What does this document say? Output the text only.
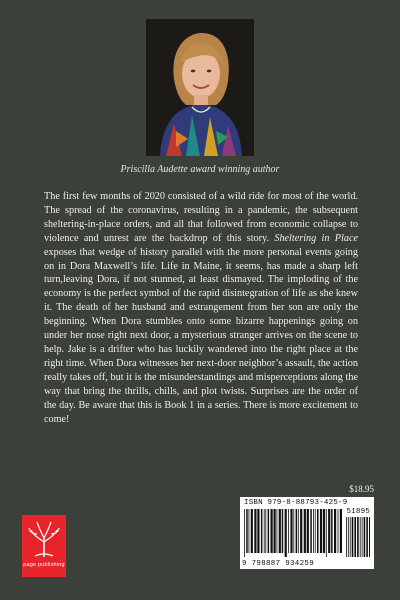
Priscilla Audette award winning author

The first few months of 2020 consisted of a wild ride for most of the world. The spread of the coronavirus, resulting in a pandemic, the subsequent sheltering-in-place orders, and all that followed from economic collapse to violence and unrest are the backdrop of this story. Sheltering in Place exposes that wedge of history parallel with the more personal events going on in Dora Maxwell’s life. Life in Maine, it seems, has made a sharp left turn,leaving Dora, if not stunned, at least dismayed. The imploding of the economy is the perfect symbol of the rapid disintegration of life as she knew it. The death of her husband and estrangement from her son are only the beginning. When Dora stumbles onto some bizarre happenings going on under her nose right next door, a mysterious stranger arrives on the scene to help. Jake is a drifter who has luckily wandered into the right place at the right time. When Dora witnesses her next-door neighbor’s assault, the action really takes off, but it is the misunderstandings and misperceptions along the way that bring the thrills, chills, and plot twists. Surprises are the order of the day. Be aware that this is Book 1 in a series. There is more excitement to come!

$18.95
ISBN 979-8-88793-425-9
51895
9 798887 934259
page publishing
